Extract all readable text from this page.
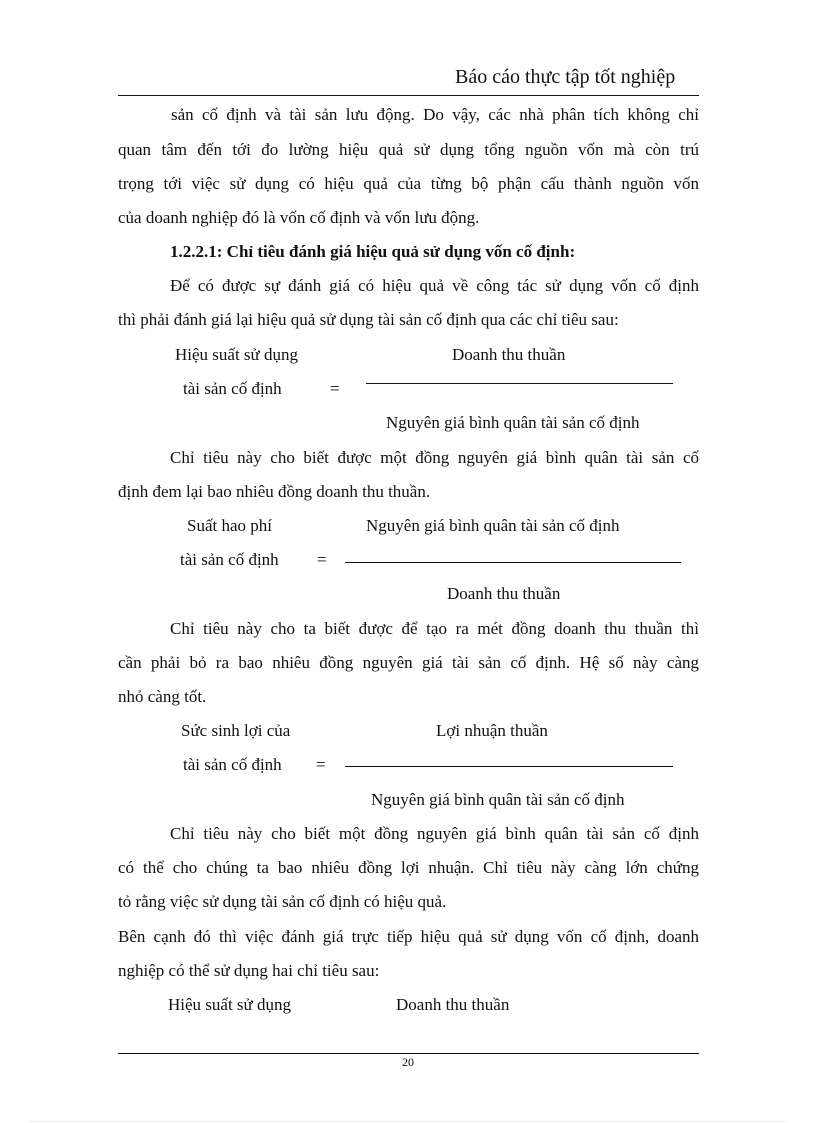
Báo cáo thực tập tốt nghiệp
sản cố định và tài sản lưu động. Do vậy, các nhà phân tích không chỉ
quan tâm đến tới đo lường hiệu quả sử dụng tổng nguồn vốn mà còn trú
trọng tới việc sử dụng có hiệu quả của từng bộ phận cấu thành nguồn vốn
của doanh nghiệp đó là vốn cố định và vốn lưu động.
1.2.2.1: Chỉ tiêu đánh giá hiệu quả sử dụng vốn cố định:
Để có được sự đánh giá có hiệu quả về công tác sử dụng vốn cố định
thì phải đánh giá lại hiệu quả sử dụng tài sản cố định qua các chỉ tiêu sau:
Hiệu suất sử dụng	Doanh thu thuần
tài sản cố định	=
Nguyên giá bình quân tài sản cố định
Chỉ tiêu này cho biết được một đồng nguyên giá bình quân tài sản cố
định đem lại bao nhiêu đồng doanh thu thuần.
Suất hao phí	Nguyên giá bình quân tài sản cố định
tài sản cố định =
Doanh thu thuần
Chỉ tiêu này cho ta biết được để tạo ra mét đồng doanh thu thuần thì
cần phải bỏ ra bao nhiêu đồng nguyên giá tài sản cố định. Hệ số này càng
nhỏ càng tốt.
Sức sinh lợi của	Lợi nhuận thuần
tài sản cố định =
Nguyên giá bình quân tài sản cố định
Chỉ tiêu này cho biết một đồng nguyên giá bình quân tài sản cố định
có thể cho chúng ta bao nhiêu đồng lợi nhuận. Chỉ tiêu này càng lớn chứng
tỏ rằng việc sử dụng tài sản cố định có hiệu quả.
Bên cạnh đó thì việc đánh giá trực tiếp hiệu quả sử dụng vốn cố định, doanh
nghiệp có thể sử dụng hai chỉ tiêu sau:
Hiệu suất sử dụng	Doanh thu thuần
20
